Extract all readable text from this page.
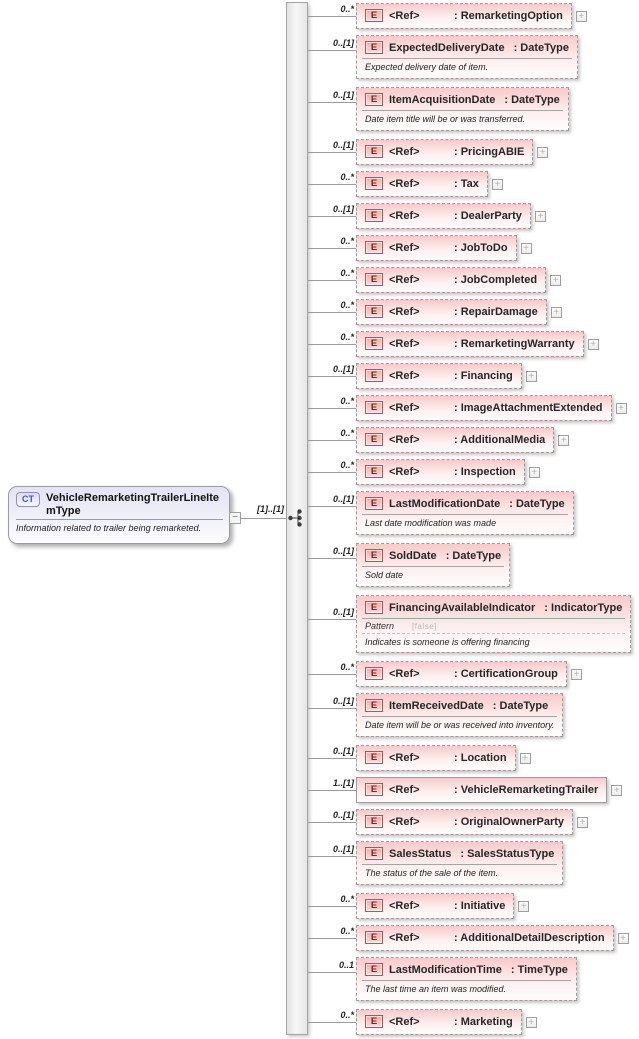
CT	VehicleRemarketingTrailerLineItemType
Information related to trailer being remarketed.
−
[1]..[1]
0..*
E	<Ref>	: RemarketingOption +
0..[1]	E	ExpectedDeliveryDate : DateType
Expected delivery date of item.
0..[1]	E	ItemAcquisitionDate : DateType
Date item title will be or was transferred.
0..[1]
E	<Ref>	: PricingABIE +
0..*
E	<Ref>	: Tax +
0..[1]
E	<Ref>	: DealerParty +
0..*
E	<Ref>	: JobToDo +
0..*
E	<Ref>	: JobCompleted +
0..*
E	<Ref>	: RepairDamage +
0..*
E	<Ref>	: RemarketingWarranty +
0..[1]
E	<Ref>	: Financing +
0..*
E	<Ref>	: ImageAttachmentExtended +
0..*
E	<Ref>	: AdditionalMedia +
0..*
E	<Ref>	: Inspection +
0..[1]	E	LastModificationDate : DateType
Last date modification was made
0..[1]	E	SoldDate : DateType
Sold date
0..[1]	E	FinancingAvailableIndicator : IndicatorType
Pattern [false]
Indicates is someone is offering financing
0..*
E	<Ref>	: CertificationGroup +
0..[1]	E	ItemReceivedDate : DateType
Date item will be or was received into inventory.
0..[1]
E	<Ref>	: Location +
1..[1]
E	<Ref>	: VehicleRemarketingTrailer +
0..[1]
E	<Ref>	: OriginalOwnerParty +
0..[1]	E	SalesStatus : SalesStatusType
The status of the sale of the item.
0..*
E	<Ref>	: Initiative +
0..*
E	<Ref>	: AdditionalDetailDescription +
0..1	E	LastModificationTime : TimeType
The last time an item was modified.
0..*
E	<Ref>	: Marketing +
